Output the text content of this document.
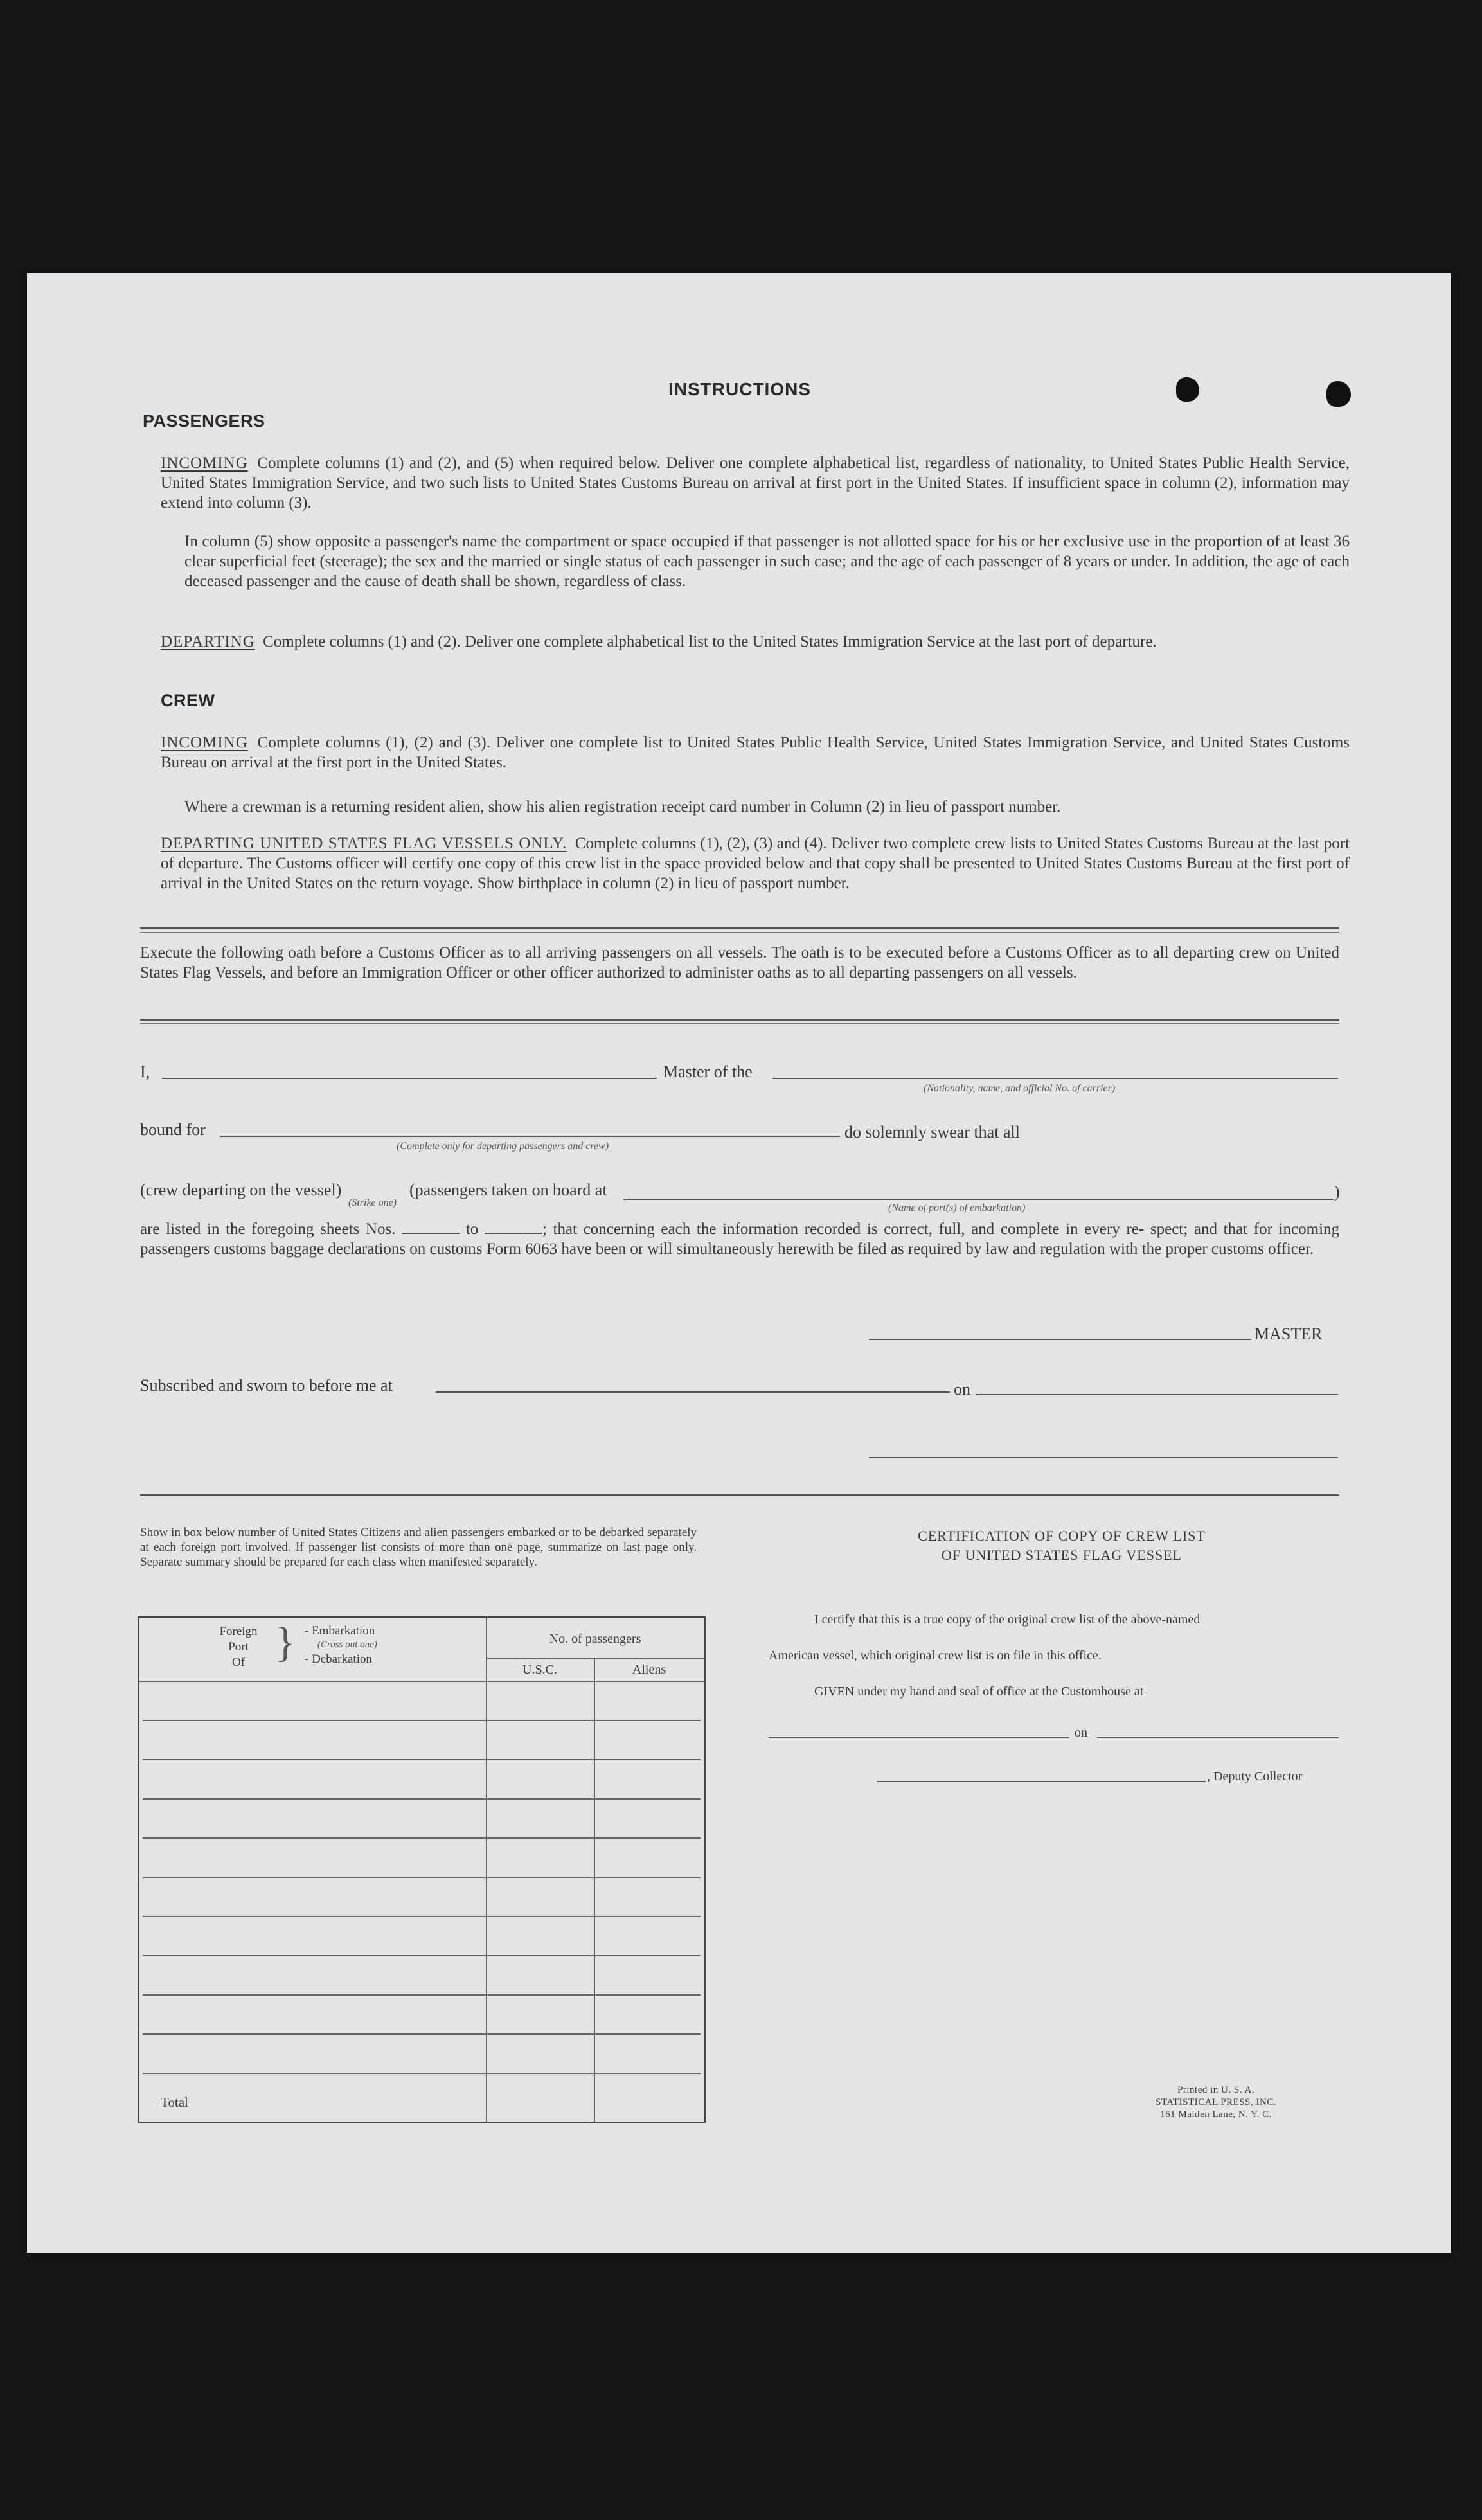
INSTRUCTIONS
PASSENGERS
INCOMING Complete columns (1) and (2), and (5) when required below. Deliver one complete alphabetical list, regardless of nationality, to United States Public Health Service, United States Immigration Service, and two such lists to United States Customs Bureau on arrival at first port in the United States. If insufficient space in column (2), information may extend into column (3).
In column (5) show opposite a passenger's name the compartment or space occupied if that passenger is not allotted space for his or her exclusive use in the proportion of at least 36 clear superficial feet (steerage); the sex and the married or single status of each passenger in such case; and the age of each passenger of 8 years or under. In addition, the age of each deceased passenger and the cause of death shall be shown, regardless of class.
DEPARTING Complete columns (1) and (2). Deliver one complete alphabetical list to the United States Immigration Service at the last port of departure.
CREW
INCOMING Complete columns (1), (2) and (3). Deliver one complete list to United States Public Health Service, United States Immigration Service, and United States Customs Bureau on arrival at the first port in the United States.
Where a crewman is a returning resident alien, show his alien registration receipt card number in Column (2) in lieu of passport number.
DEPARTING UNITED STATES FLAG VESSELS ONLY. Complete columns (1), (2), (3) and (4). Deliver two complete crew lists to United States Customs Bureau at the last port of departure. The Customs officer will certify one copy of this crew list in the space provided below and that copy shall be presented to United States Customs Bureau at the first port of arrival in the United States on the return voyage. Show birthplace in column (2) in lieu of passport number.
Execute the following oath before a Customs Officer as to all arriving passengers on all vessels. The oath is to be executed before a Customs Officer as to all departing crew on United States Flag Vessels, and before an Immigration Officer or other officer authorized to administer oaths as to all departing passengers on all vessels.
I,	Master of the
(Nationality, name, and official No. of carrier)
bound for
(Complete only for departing passengers and crew)
do solemnly swear that all
(crew departing on the vessel)
(Strike one)
(passengers taken on board at	)
(Name of port(s) of embarkation)
are listed in the foregoing sheets Nos.	to	; that concerning each the information recorded is correct, full, and complete in every re- spect; and that for incoming passengers customs baggage declarations on customs Form 6063 have been or will simultaneously herewith be filed as required by law and regulation with the proper customs officer.
MASTER
Subscribed and sworn to before me at	on
Show in box below number of United States Citizens and alien passengers embarked or to be debarked separately at each foreign port involved. If passenger list consists of more than one page, summarize on last page only. Separate summary should be prepared for each class when manifested separately.
Foreign
Port
Of } - Embarkation
(Cross out one)
- Debarkation
No. of passengers
U.S.C.	Aliens
Total
CERTIFICATION OF COPY OF CREW LIST
OF UNITED STATES FLAG VESSEL
I certify that this is a true copy of the original crew list of the above-named
American vessel, which original crew list is on file in this office.
GIVEN under my hand and seal of office at the Customhouse at
on
, Deputy Collector
Printed in U. S. A.
STATISTICAL PRESS, INC.
161 Maiden Lane, N. Y. C.
